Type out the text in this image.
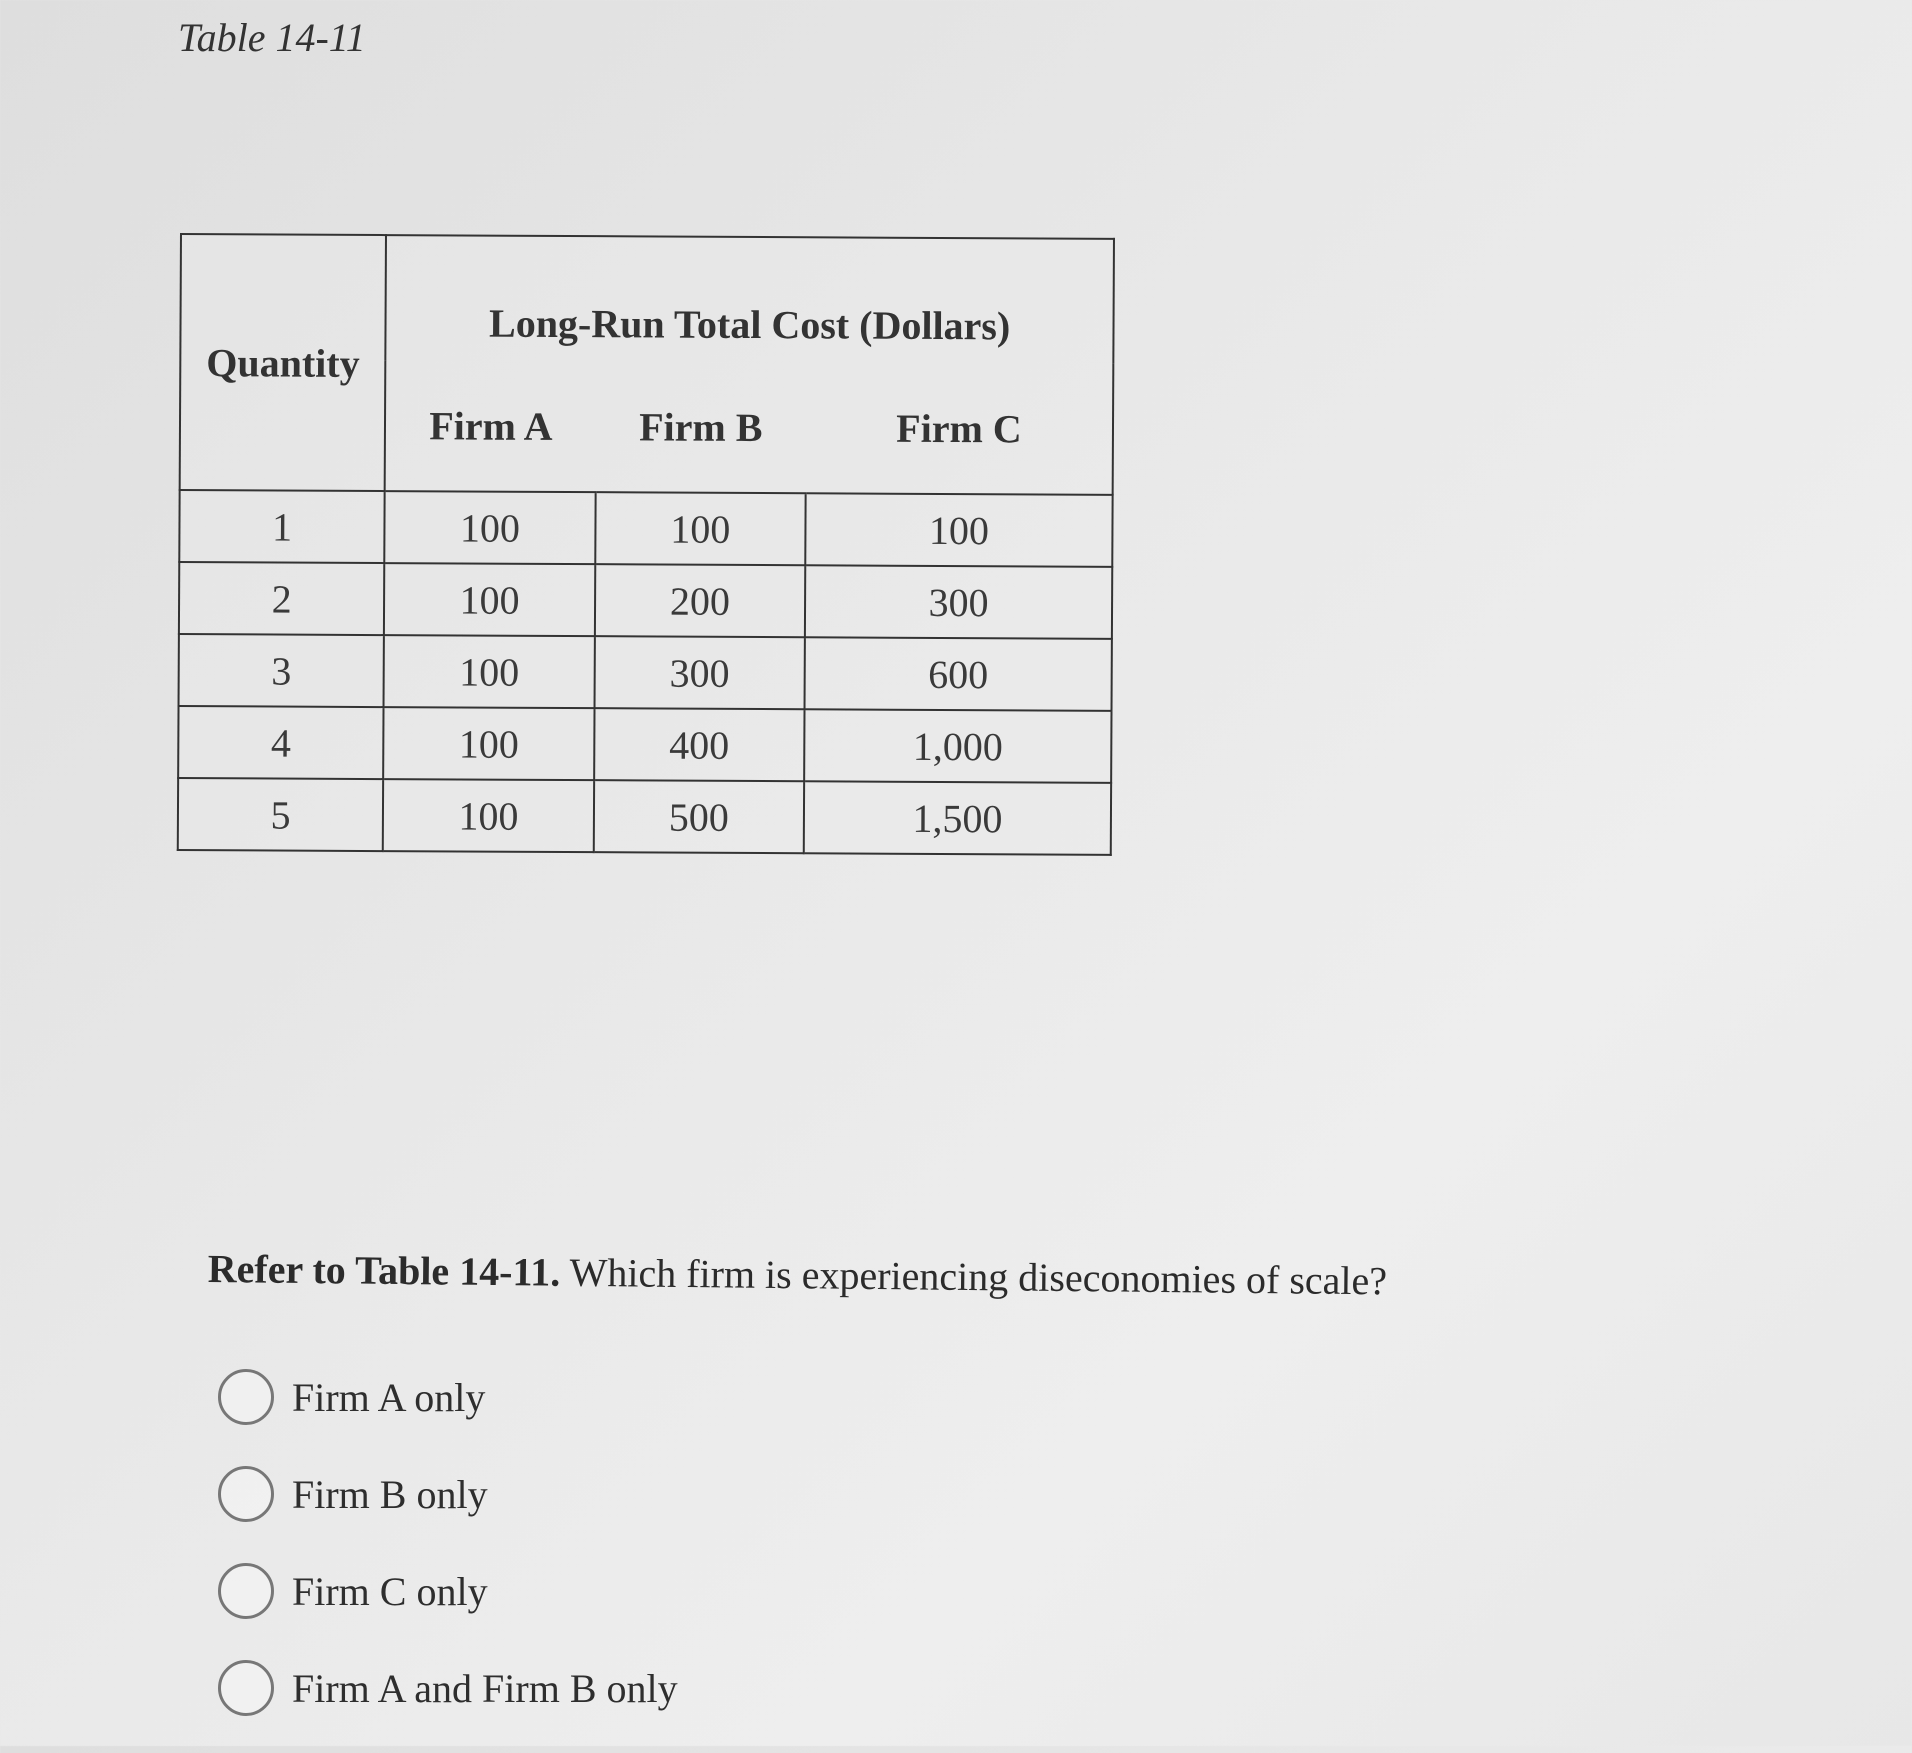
Table 14-11
Quantity	Long-Run Total Cost (Dollars)		
	Firm A	Firm B	Firm C
1	100	100	100
2	100	200	300
3	100	300	600
4	100	400	1,000
5	100	500	1,500

Refer to Table 14-11. Which firm is experiencing diseconomies of scale?

Firm A only
Firm B only
Firm C only
Firm A and Firm B only
